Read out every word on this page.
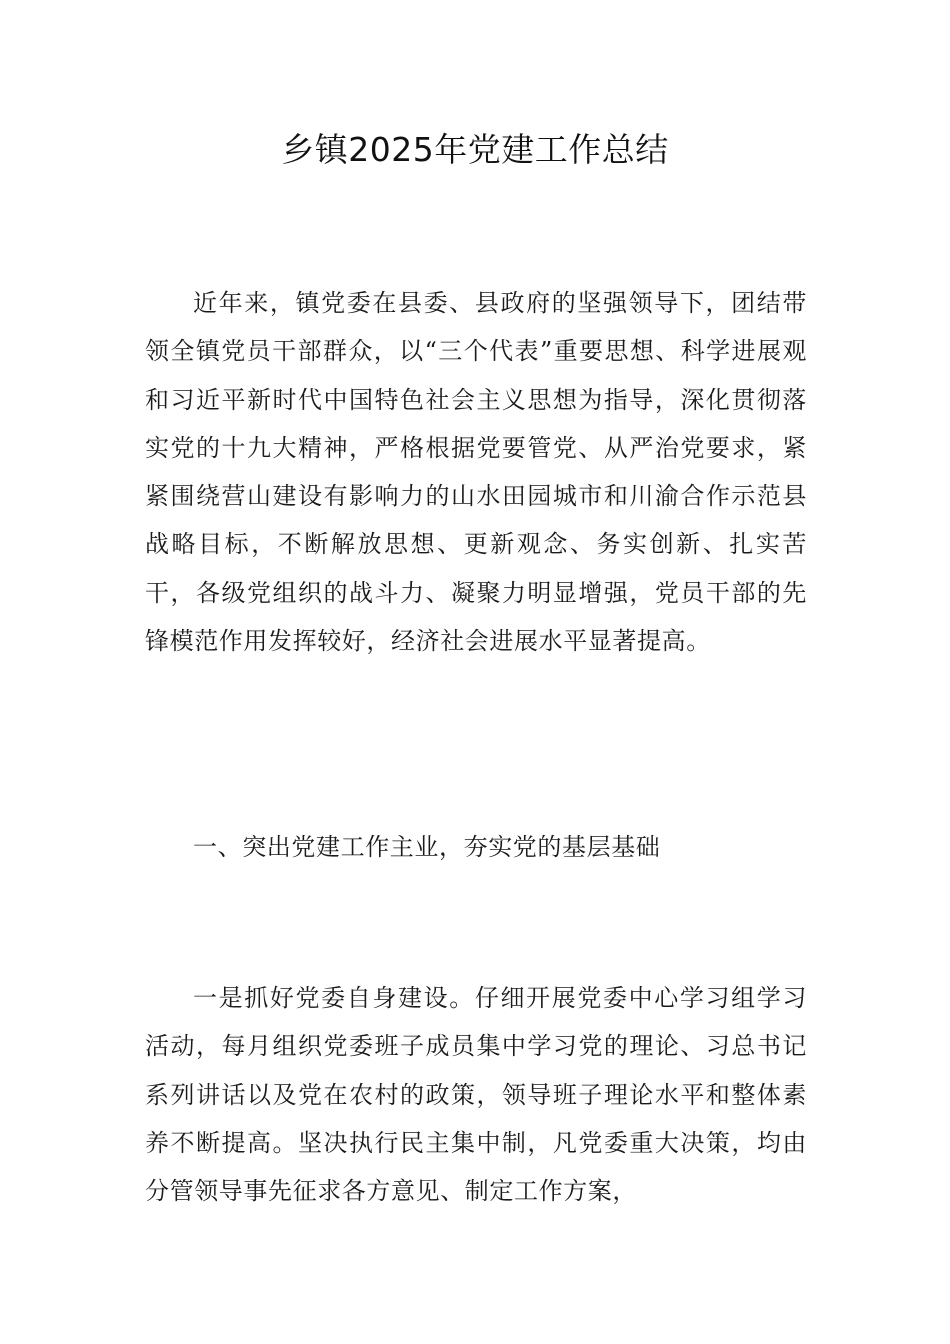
乡镇2025年党建工作总结

近年来，镇党委在县委、县政府的坚强领导下，团结带领全镇党员干部群众，以“三个代表”重要思想、科学进展观和习近平新时代中国特色社会主义思想为指导，深化贯彻落实党的十九大精神，严格根据党要管党、从严治党要求，紧紧围绕营山建设有影响力的山水田园城市和川渝合作示范县战略目标，不断解放思想、更新观念、务实创新、扎实苦干，各级党组织的战斗力、凝聚力明显增强，党员干部的先锋模范作用发挥较好，经济社会进展水平显著提高。

一、突出党建工作主业，夯实党的基层基础

一是抓好党委自身建设。仔细开展党委中心学习组学习活动，每月组织党委班子成员集中学习党的理论、习总书记系列讲话以及党在农村的政策，领导班子理论水平和整体素养不断提高。坚决执行民主集中制，凡党委重大决策，均由分管领导事先征求各方意见、制定工作方案，
